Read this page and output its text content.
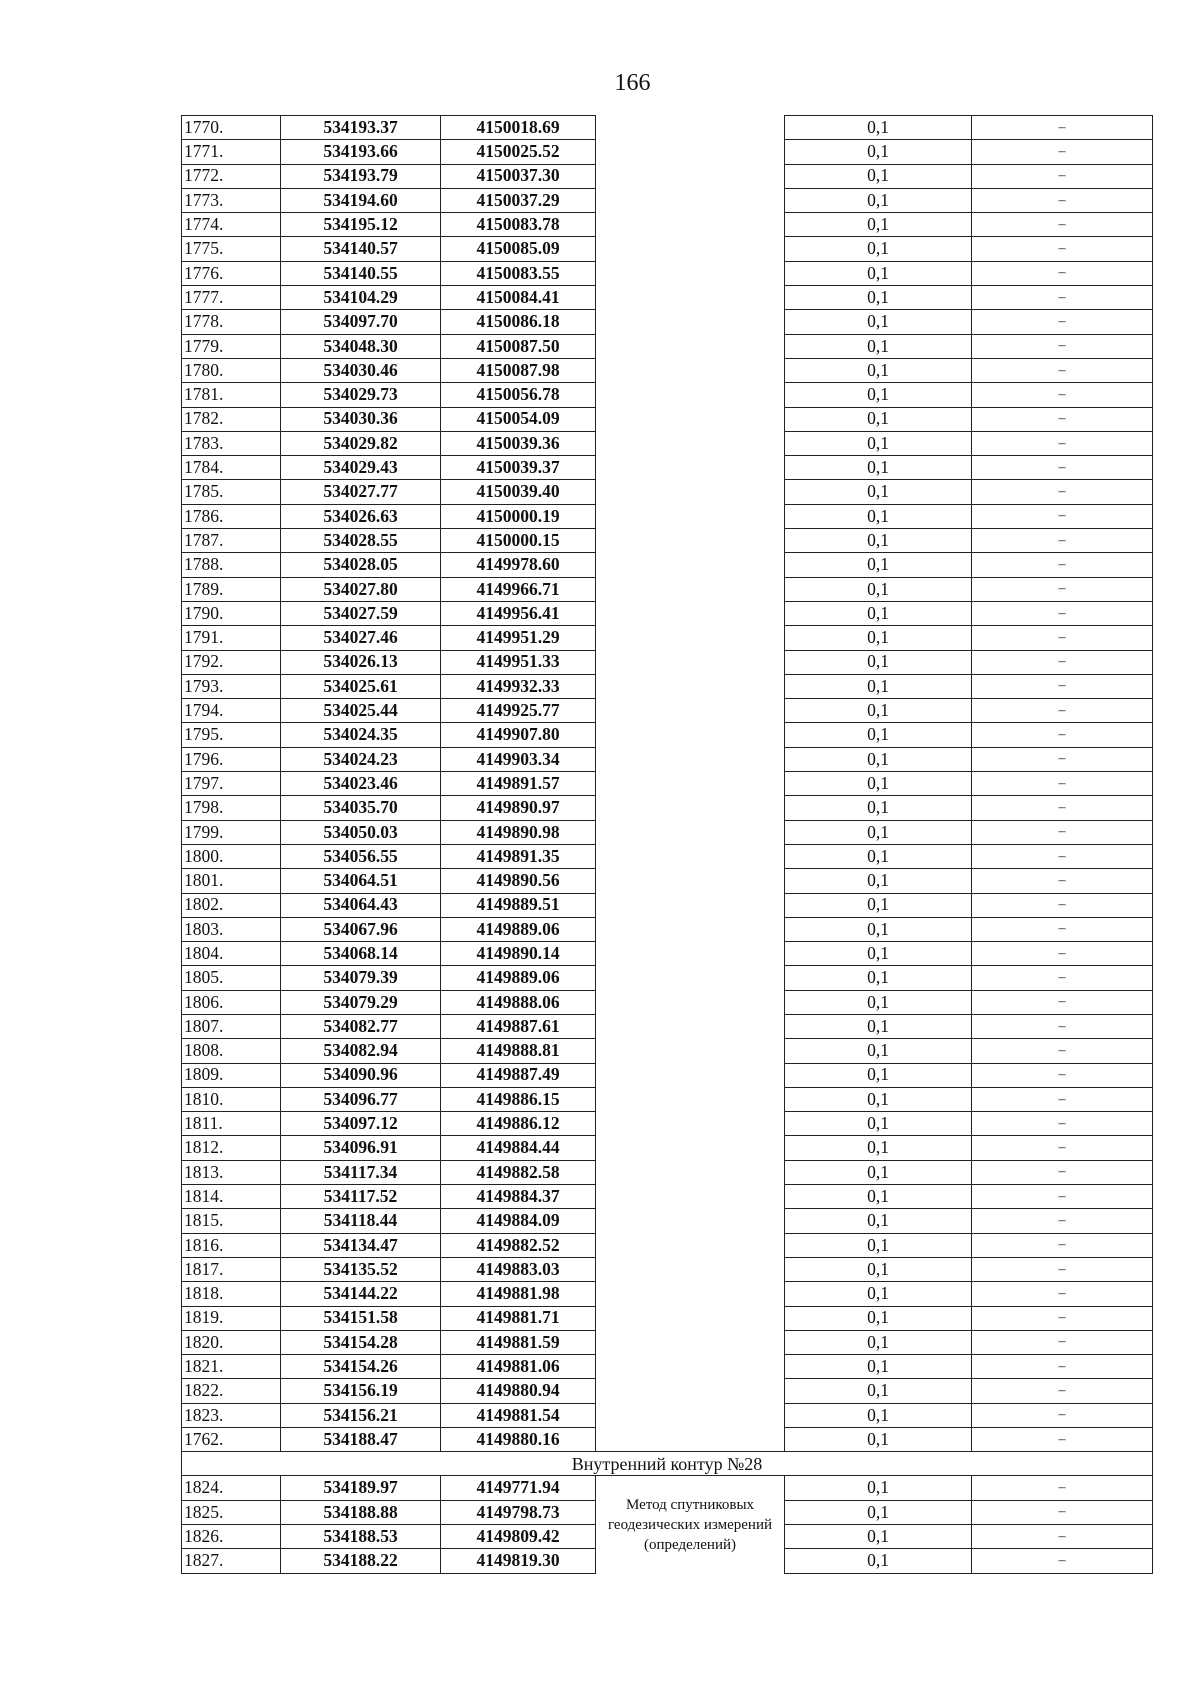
166
1770.	534193.37	4150018.69		0,1	–
1771.	534193.66	4150025.52		0,1	–
1772.	534193.79	4150037.30		0,1	–
1773.	534194.60	4150037.29		0,1	–
1774.	534195.12	4150083.78		0,1	–
1775.	534140.57	4150085.09		0,1	–
1776.	534140.55	4150083.55		0,1	–
1777.	534104.29	4150084.41		0,1	–
1778.	534097.70	4150086.18		0,1	–
1779.	534048.30	4150087.50		0,1	–
1780.	534030.46	4150087.98		0,1	–
1781.	534029.73	4150056.78		0,1	–
1782.	534030.36	4150054.09		0,1	–
1783.	534029.82	4150039.36		0,1	–
1784.	534029.43	4150039.37		0,1	–
1785.	534027.77	4150039.40		0,1	–
1786.	534026.63	4150000.19		0,1	–
1787.	534028.55	4150000.15		0,1	–
1788.	534028.05	4149978.60		0,1	–
1789.	534027.80	4149966.71		0,1	–
1790.	534027.59	4149956.41		0,1	–
1791.	534027.46	4149951.29		0,1	–
1792.	534026.13	4149951.33		0,1	–
1793.	534025.61	4149932.33		0,1	–
1794.	534025.44	4149925.77		0,1	–
1795.	534024.35	4149907.80		0,1	–
1796.	534024.23	4149903.34		0,1	–
1797.	534023.46	4149891.57		0,1	–
1798.	534035.70	4149890.97		0,1	–
1799.	534050.03	4149890.98		0,1	–
1800.	534056.55	4149891.35		0,1	–
1801.	534064.51	4149890.56		0,1	–
1802.	534064.43	4149889.51		0,1	–
1803.	534067.96	4149889.06		0,1	–
1804.	534068.14	4149890.14		0,1	–
1805.	534079.39	4149889.06		0,1	–
1806.	534079.29	4149888.06		0,1	–
1807.	534082.77	4149887.61		0,1	–
1808.	534082.94	4149888.81		0,1	–
1809.	534090.96	4149887.49		0,1	–
1810.	534096.77	4149886.15		0,1	–
1811.	534097.12	4149886.12		0,1	–
1812.	534096.91	4149884.44		0,1	–
1813.	534117.34	4149882.58		0,1	–
1814.	534117.52	4149884.37		0,1	–
1815.	534118.44	4149884.09		0,1	–
1816.	534134.47	4149882.52		0,1	–
1817.	534135.52	4149883.03		0,1	–
1818.	534144.22	4149881.98		0,1	–
1819.	534151.58	4149881.71		0,1	–
1820.	534154.28	4149881.59		0,1	–
1821.	534154.26	4149881.06		0,1	–
1822.	534156.19	4149880.94		0,1	–
1823.	534156.21	4149881.54		0,1	–
1762.	534188.47	4149880.16		0,1	–
Внутренний контур №28					
1824.	534189.97	4149771.94	Метод спутниковых геодезических измерений (определений)	0,1	–
1825.	534188.88	4149798.73		0,1	–
1826.	534188.53	4149809.42		0,1	–
1827.	534188.22	4149819.30		0,1	–
